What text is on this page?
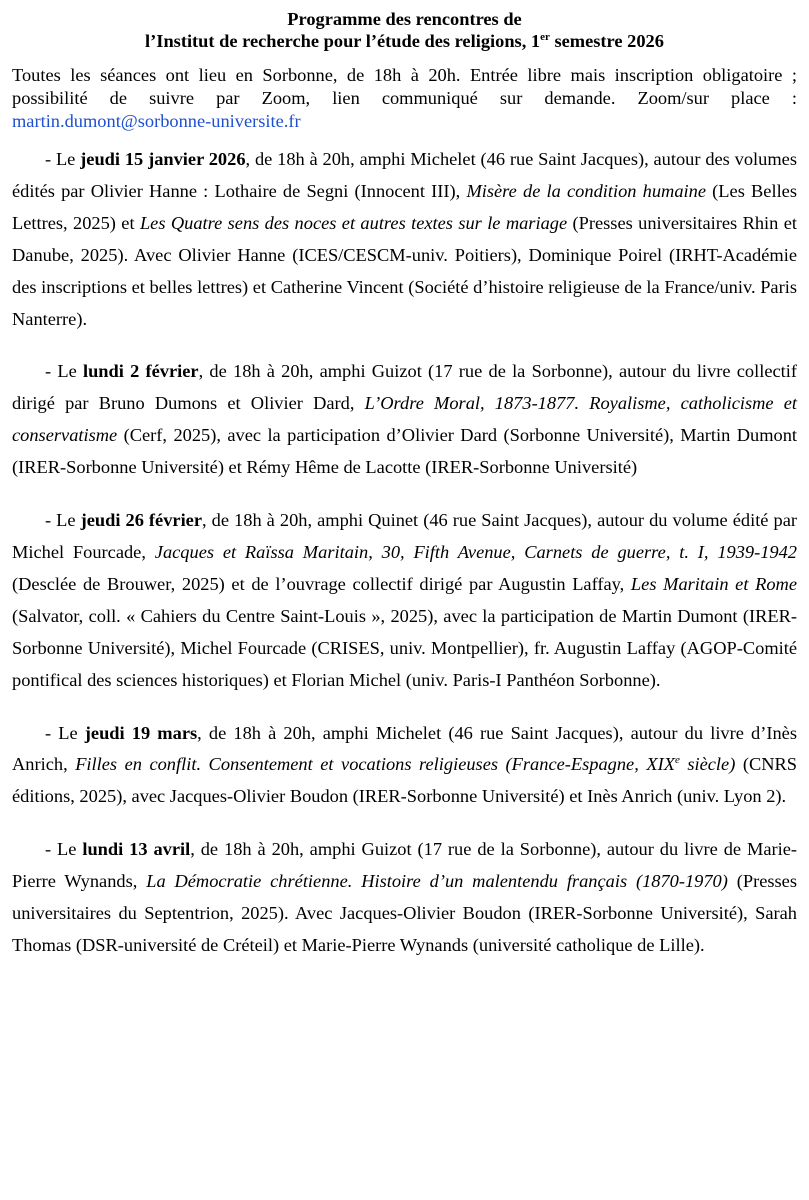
Programme des rencontres de
l’Institut de recherche pour l’étude des religions, 1er semestre 2026

Toutes les séances ont lieu en Sorbonne, de 18h à 20h. Entrée libre mais inscription obligatoire ; possibilité de suivre par Zoom, lien communiqué sur demande. Zoom/sur place : martin.dumont@sorbonne-universite.fr

- Le jeudi 15 janvier 2026, de 18h à 20h, amphi Michelet (46 rue Saint Jacques), autour des volumes édités par Olivier Hanne : Lothaire de Segni (Innocent III), Misère de la condition humaine (Les Belles Lettres, 2025) et Les Quatre sens des noces et autres textes sur le mariage (Presses universitaires Rhin et Danube, 2025). Avec Olivier Hanne (ICES/CESCM-univ. Poitiers), Dominique Poirel (IRHT-Académie des inscriptions et belles lettres) et Catherine Vincent (Société d’histoire religieuse de la France/univ. Paris Nanterre).

- Le lundi 2 février, de 18h à 20h, amphi Guizot (17 rue de la Sorbonne), autour du livre collectif dirigé par Bruno Dumons et Olivier Dard, L’Ordre Moral, 1873-1877. Royalisme, catholicisme et conservatisme (Cerf, 2025), avec la participation d’Olivier Dard (Sorbonne Université), Martin Dumont (IRER-Sorbonne Université) et Rémy Hême de Lacotte (IRER-Sorbonne Université)

- Le jeudi 26 février, de 18h à 20h, amphi Quinet (46 rue Saint Jacques), autour du volume édité par Michel Fourcade, Jacques et Raïssa Maritain, 30, Fifth Avenue, Carnets de guerre, t. I, 1939-1942 (Desclée de Brouwer, 2025) et de l’ouvrage collectif dirigé par Augustin Laffay, Les Maritain et Rome (Salvator, coll. « Cahiers du Centre Saint-Louis », 2025), avec la participation de Martin Dumont (IRER-Sorbonne Université), Michel Fourcade (CRISES, univ. Montpellier), fr. Augustin Laffay (AGOP-Comité pontifical des sciences historiques) et Florian Michel (univ. Paris-I Panthéon Sorbonne).

- Le jeudi 19 mars, de 18h à 20h, amphi Michelet (46 rue Saint Jacques), autour du livre d’Inès Anrich, Filles en conflit. Consentement et vocations religieuses (France-Espagne, XIXe siècle) (CNRS éditions, 2025), avec Jacques-Olivier Boudon (IRER-Sorbonne Université) et Inès Anrich (univ. Lyon 2).

- Le lundi 13 avril, de 18h à 20h, amphi Guizot (17 rue de la Sorbonne), autour du livre de Marie-Pierre Wynands, La Démocratie chrétienne. Histoire d’un malentendu français (1870-1970) (Presses universitaires du Septentrion, 2025). Avec Jacques-Olivier Boudon (IRER-Sorbonne Université), Sarah Thomas (DSR-université de Créteil) et Marie-Pierre Wynands (université catholique de Lille).
